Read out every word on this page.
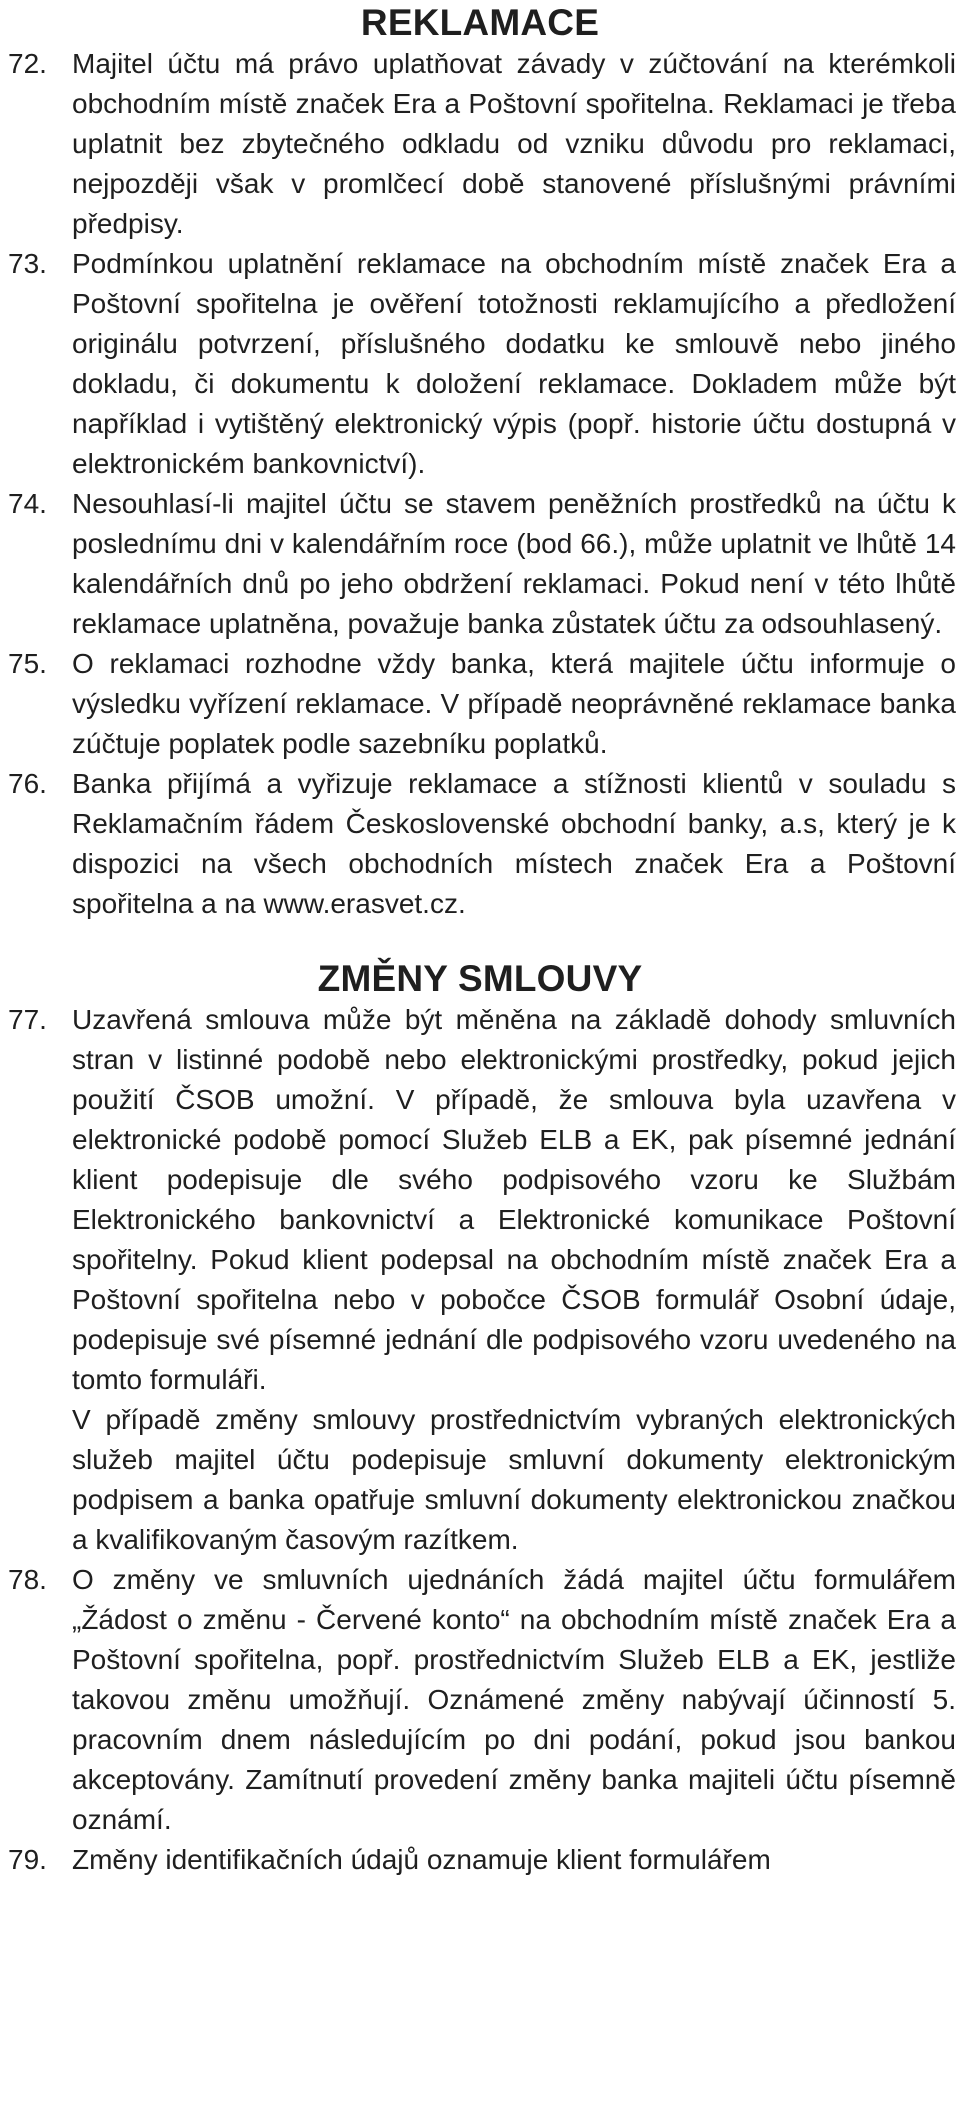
REKLAMACE
72. Majitel účtu má právo uplatňovat závady v zúčtování na kterémkoli obchodním místě značek Era a Poštovní spořitelna. Reklamaci je třeba uplatnit bez zbytečného odkladu od vzniku důvodu pro reklamaci, nejpozději však v promlčecí době stanovené příslušnými právními předpisy.

73. Podmínkou uplatnění reklamace na obchodním místě značek Era a Poštovní spořitelna je ověření totožnosti reklamujícího a předložení originálu potvrzení, příslušného dodatku ke smlouvě nebo jiného dokladu, či dokumentu k doložení reklamace. Dokladem může být například i vytištěný elektronický výpis (popř. historie účtu dostupná v elektronickém bankovnictví).

74. Nesouhlasí-li majitel účtu se stavem peněžních prostředků na účtu k poslednímu dni v kalendářním roce (bod 66.), může uplatnit ve lhůtě 14 kalendářních dnů po jeho obdržení reklamaci. Pokud není v této lhůtě reklamace uplatněna, považuje banka zůstatek účtu za odsouhlasený.

75. O reklamaci rozhodne vždy banka, která majitele účtu informuje o výsledku vyřízení reklamace. V případě neoprávněné reklamace banka zúčtuje poplatek podle sazebníku poplatků.

76. Banka přijímá a vyřizuje reklamace a stížnosti klientů v souladu s Reklamačním řádem Československé obchodní banky, a.s, který je k dispozici na všech obchodních místech značek Era a Poštovní spořitelna a na www.erasvet.cz.

ZMĚNY SMLOUVY
77. Uzavřená smlouva může být měněna na základě dohody smluvních stran v listinné podobě nebo elektronickými prostředky, pokud jejich použití ČSOB umožní. V případě, že smlouva byla uzavřena v elektronické podobě pomocí Služeb ELB a EK, pak písemné jednání klient podepisuje dle svého podpisového vzoru ke Službám Elektronického bankovnictví a Elektronické komunikace Poštovní spořitelny. Pokud klient podepsal na obchodním místě značek Era a Poštovní spořitelna nebo v pobočce ČSOB formulář Osobní údaje, podepisuje své písemné jednání dle podpisového vzoru uvedeného na tomto formuláři.

V případě změny smlouvy prostřednictvím vybraných elektronických služeb majitel účtu podepisuje smluvní dokumenty elektronickým podpisem a banka opatřuje smluvní dokumenty elektronickou značkou a kvalifikovaným časovým razítkem.

78. O změny ve smluvních ujednáních žádá majitel účtu formulářem „Žádost o změnu - Červené konto“ na obchodním místě značek Era a Poštovní spořitelna, popř. prostřednictvím Služeb ELB a EK, jestliže takovou změnu umožňují. Oznámené změny nabývají účinností 5. pracovním dnem následujícím po dni podání, pokud jsou bankou akceptovány. Zamítnutí provedení změny banka majiteli účtu písemně oznámí.

79. Změny identifikačních údajů oznamuje klient formulářem
